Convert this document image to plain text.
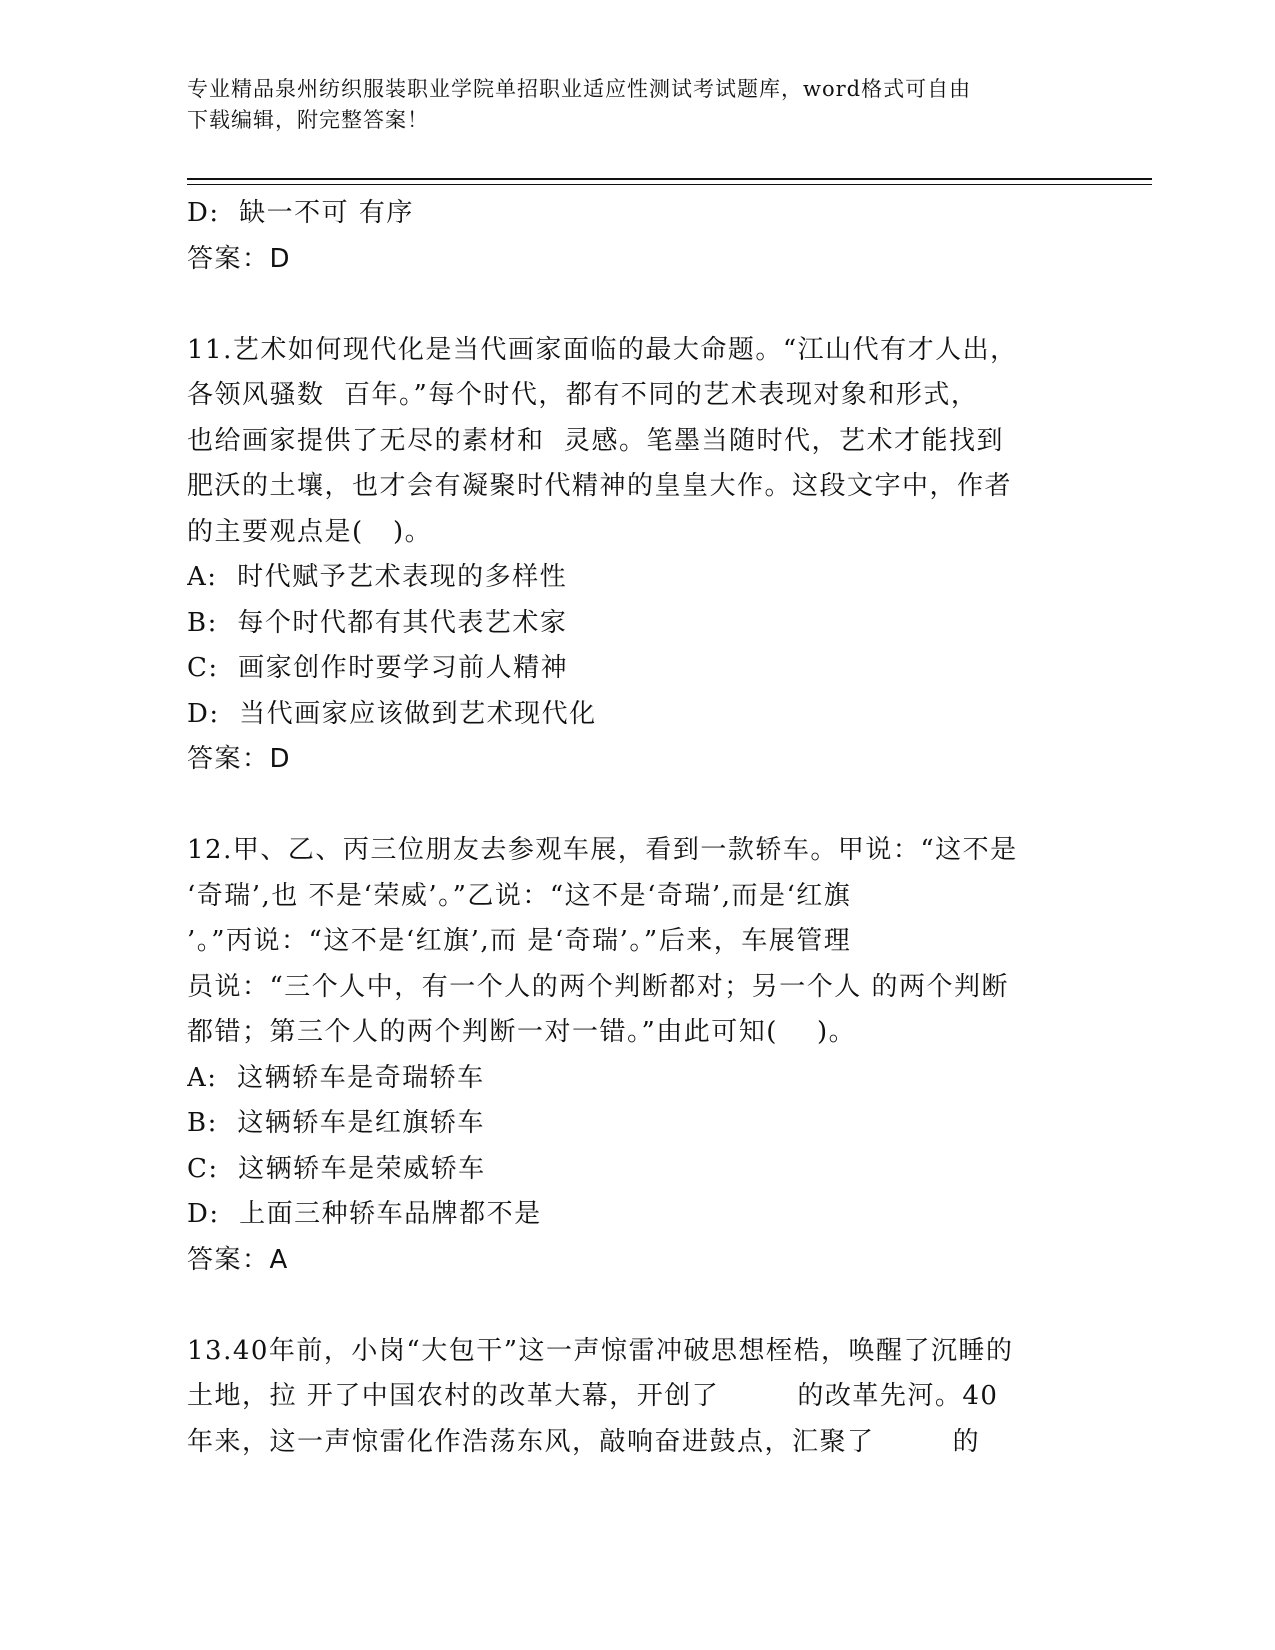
专业精品泉州纺织服装职业学院单招职业适应性测试考试题库，word格式可自由
下载编辑，附完整答案！
D:  缺一不可 有序
答案：D
11.艺术如何现代化是当代画家面临的最大命题。“江山代有才人出，
各领风骚数  百年。”每个时代，都有不同的艺术表现对象和形式，
也给画家提供了无尽的素材和  灵感。笔墨当随时代，艺术才能找到
肥沃的土壤，也才会有凝聚时代精神的皇皇大作。这段文字中，作者
的主要观点是(   )。
A:  时代赋予艺术表现的多样性
B:  每个时代都有其代表艺术家
C:  画家创作时要学习前人精神
D:  当代画家应该做到艺术现代化
答案：D
12.甲、乙、丙三位朋友去参观车展，看到一款轿车。甲说：“这不是
‘奇瑞’,也 不是‘荣威’。”乙说：“这不是‘奇瑞’,而是‘红旗
’。”丙说：“这不是‘红旗’,而 是‘奇瑞’。”后来，车展管理
员说：“三个人中，有一个人的两个判断都对；另一个人 的两个判断
都错；第三个人的两个判断一对一错。”由此可知(    )。
A:  这辆轿车是奇瑞轿车
B:  这辆轿车是红旗轿车
C:  这辆轿车是荣威轿车
D:  上面三种轿车品牌都不是
答案：A
13.40年前，小岗“大包干”这一声惊雷冲破思想桎梏，唤醒了沉睡的
土地，拉 开了中国农村的改革大幕，开创了        的改革先河。40
年来，这一声惊雷化作浩荡东风，敲响奋进鼓点，汇聚了        的
